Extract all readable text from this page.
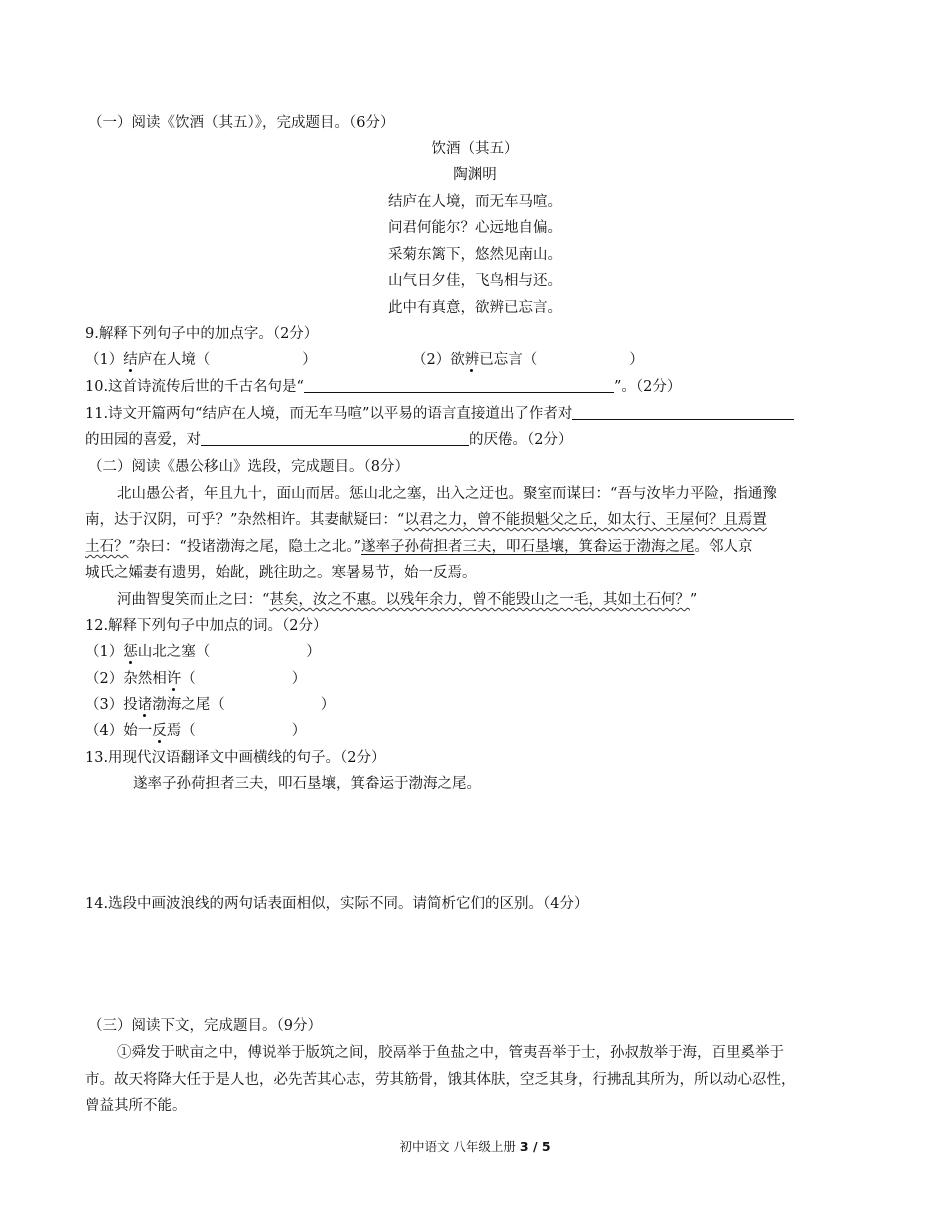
（一）阅读《饮酒（其五）》，完成题目。（6分）
饮酒（其五）
陶渊明
结庐在人境，而无车马喧。
问君何能尔？心远地自偏。
采菊东篱下，悠然见南山。
山气日夕佳，飞鸟相与还。
此中有真意，欲辨已忘言。
9.解释下列句子中的加点字。（2分）
（1）结庐在人境（	）	（2）欲辨已忘言（	）
10.这首诗流传后世的千古名句是“	”。（2分）
11.诗文开篇两句“结庐在人境，而无车马喧”以平易的语言直接道出了作者对
的田园的喜爱，对	的厌倦。（2分）
（二）阅读《愚公移山》选段，完成题目。（8分）
北山愚公者，年且九十，面山而居。惩山北之塞，出入之迂也。聚室而谋曰：“吾与汝毕力平险，指通豫
南，达于汉阴，可乎？”杂然相许。其妻献疑曰：“以君之力，曾不能损魁父之丘，如太行、王屋何？且焉置
土石？”杂曰：“投诸渤海之尾，隐土之北。”遂率子孙荷担者三夫，叩石垦壤，箕畚运于渤海之尾。邻人京
城氏之孀妻有遗男，始龀，跳往助之。寒暑易节，始一反焉。
河曲智叟笑而止之曰：“甚矣，汝之不惠。以残年余力，曾不能毁山之一毛，其如土石何？”
12.解释下列句子中加点的词。（2分）
（1）惩山北之塞（	）
（2）杂然相许（	）
（3）投诸渤海之尾（	）
（4）始一反焉（	）
13.用现代汉语翻译文中画横线的句子。（2分）
遂率子孙荷担者三夫，叩石垦壤，箕畚运于渤海之尾。
14.选段中画波浪线的两句话表面相似，实际不同。请简析它们的区别。（4分）
（三）阅读下文，完成题目。（9分）
①舜发于畎亩之中，傅说举于版筑之间，胶鬲举于鱼盐之中，管夷吾举于士，孙叔敖举于海，百里奚举于
市。故天将降大任于是人也，必先苦其心志，劳其筋骨，饿其体肤，空乏其身，行拂乱其所为，所以动心忍性，
曾益其所不能。
初中语文 八年级上册 3 / 5
